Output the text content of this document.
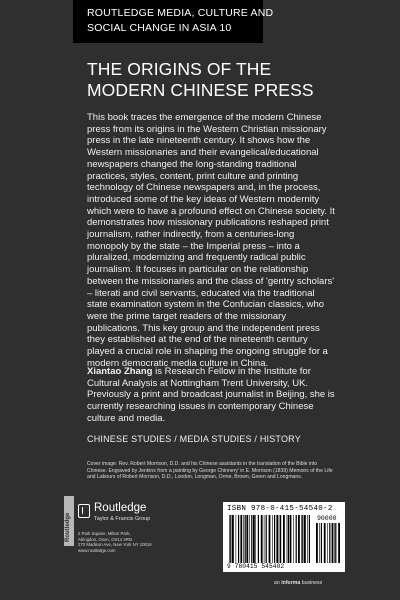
ROUTLEDGE MEDIA, CULTURE AND
SOCIAL CHANGE IN ASIA 10
THE ORIGINS OF THE
MODERN CHINESE PRESS

This book traces the emergence of the modern Chinese press from its origins in the Western Christian missionary press in the late nineteenth century. It shows how the Western missionaries and their evangelical/educational newspapers changed the long-standing traditional practices, styles, content, print culture and printing technology of Chinese newspapers and, in the process, introduced some of the key ideas of Western modernity which were to have a profound effect on Chinese society. It demonstrates how missionary publications reshaped print journalism, rather indirectly, from a centuries-long monopoly by the state – the Imperial press – into a pluralized, modernizing and frequently radical public journalism. It focuses in particular on the relationship between the missionaries and the class of 'gentry scholars' – literati and civil servants, educated via the traditional state examination system in the Confucian classics, who were the prime target readers of the missionary publications. This key group and the independent press they established at the end of the nineteenth century played a crucial role in shaping the ongoing struggle for a modern democratic media culture in China.

Xiantao Zhang is Research Fellow in the Institute for Cultural Analysis at Nottingham Trent University, UK. Previously a print and broadcast journalist in Beijing, she is currently researching issues in contemporary Chinese culture and media.

CHINESE STUDIES / MEDIA STUDIES / HISTORY

Cover image: Rev. Robert Morrison, D.D. and his Chinese assistants in the translation of the Bible into Chinese. Engraved by Jenkins from a painting by George Chinnery' in E. Morrison (1839) Memoirs of the Life and Labours of Robert Morrison, D.D., London, Longman, Orme, Brown, Green and Longmans.

Routledge
Routledge
Taylor & Francis Group
2 Park Square, Milton Park,
Abingdon, Oxon, OX14 4RN
270 Madison Ave, New York NY 10016
www.routledge.com
ISBN 978-0-415-54540-2
90000
9 780415 545402
an informa business
